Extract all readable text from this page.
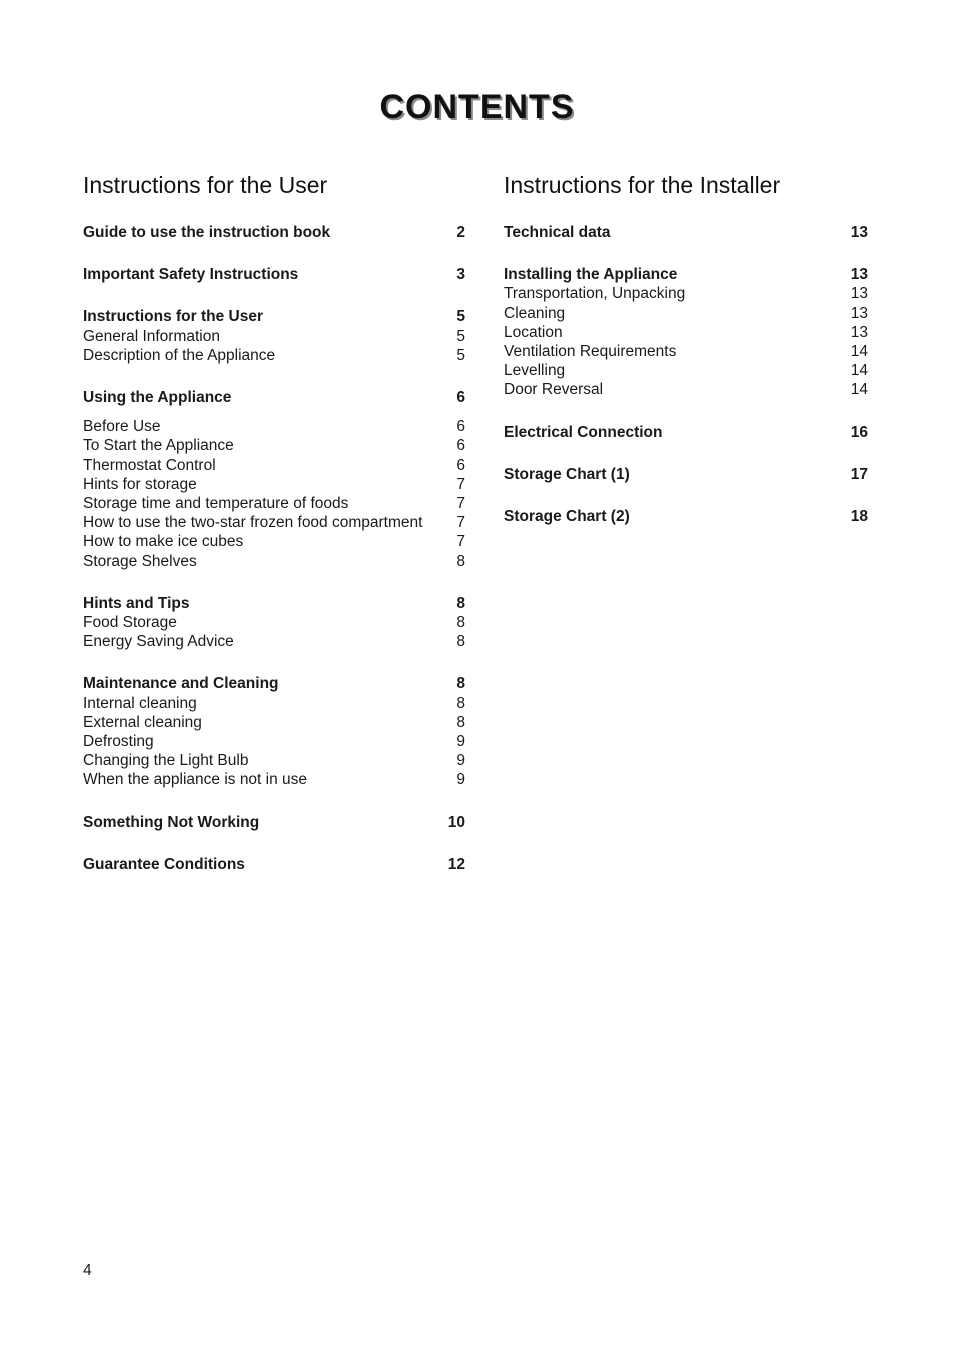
CONTENTS
Instructions for the User
Guide to use the instruction book	2
Important Safety Instructions	3
Instructions for the User	5
General Information	5
Description of the Appliance	5
Using the Appliance	6
Before Use	6
To Start the Appliance	6
Thermostat Control	6
Hints for storage	7
Storage time and temperature of foods	7
How to use the two-star frozen food compartment 7
How to make ice cubes	7
Storage Shelves	8
Hints and Tips	8
Food Storage	8
Energy Saving Advice	8
Maintenance and Cleaning	8
Internal cleaning	8
External cleaning	8
Defrosting	9
Changing the Light Bulb	9
When the appliance is not in use	9
Something Not Working	10
Guarantee Conditions	12
Instructions for the Installer
Technical data	13
Installing the Appliance	13
Transportation, Unpacking	13
Cleaning	13
Location	13
Ventilation Requirements	14
Levelling	14
Door Reversal	14
Electrical Connection	16
Storage Chart (1)	17
Storage Chart (2)	18
4
